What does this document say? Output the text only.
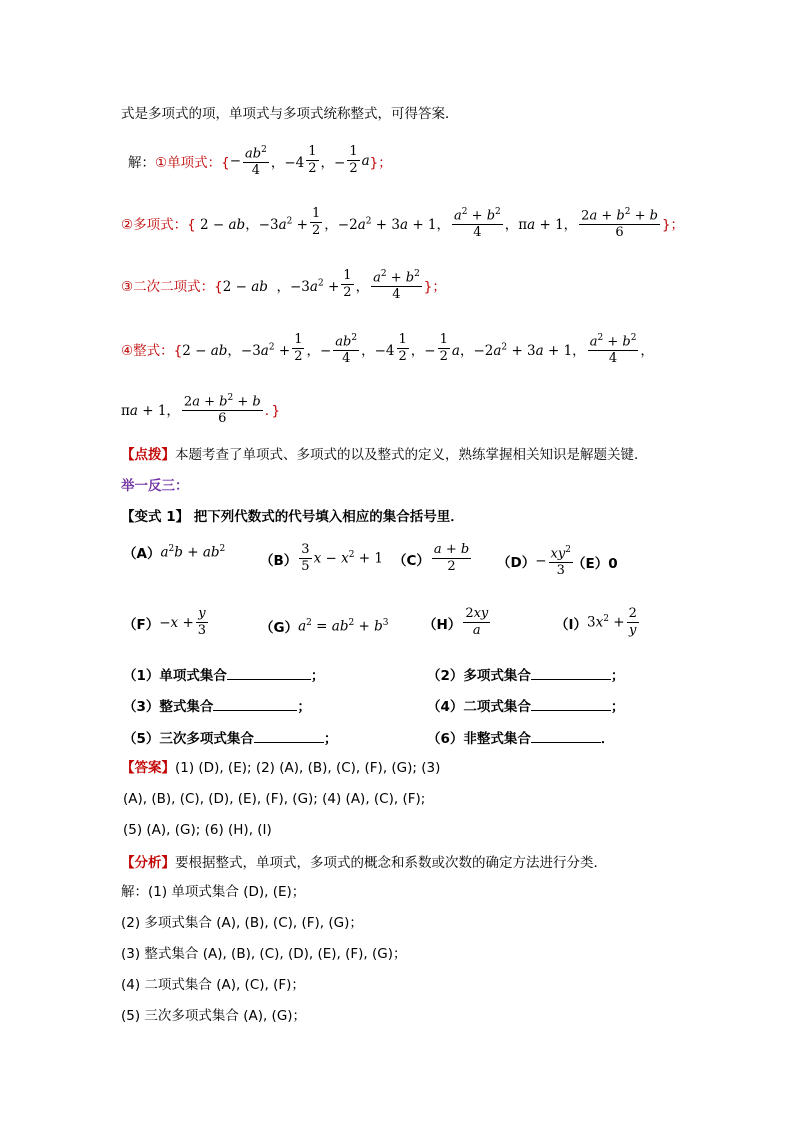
式是多项式的项，单项式与多项式统称整式，可得答案．
解： ①单项式：{ − $\frac{ab^2}{4}$ ，$-4 \frac{1}{2}$ ，− $\frac{1}{2}$ a }；
②多项式：{ 2 − ab，$-3a^2 + \frac{1}{2}$ ，$-2a^2 + 3a + 1$， $\frac{a^2 + b^2}{4}$ ，πa + 1， $\frac{2a + b^2 + b}{6}$ }；
③二次二项式：{ 2 − ab  ，$-3a^2 + \frac{1}{2}$ ， $\frac{a^2 + b^2}{4}$ }；
④整式：{ 2 − ab，$-3a^2 + \frac{1}{2}$ ，− $\frac{ab^2}{4}$ ，$-4 \frac{1}{2}$ ，− $\frac{1}{2}$ a，$-2a^2 + 3a + 1$， $\frac{a^2 + b^2}{4}$ ，
πa + 1， $\frac{2a + b^2 + b}{6}$ ．}
【点拨】本题考查了单项式、多项式的以及整式的定义，熟练掌握相关知识是解题关键．
举一反三：
【变式 1】 把下列代数式的代号填入相应的集合括号里．
（A） $a^2b + ab^2$
$(B) \frac{3}{5}$ $x - x^2 + 1$ $(C) \frac{a + b}{2} (D) - \frac{xy^2}{3} (E)0$
$(F) -x + \frac{y}{3}$	（G） $a^2 = ab^2 + b^3$	$(H) \frac{2xy}{a}$	（I） $3x^2 + \frac{2}{y}$
（1）单项式集合	；	（2）多项式集合	；
（3）整式集合	；	（4）二项式集合	；
（5）三次多项式集合	；	（6）非整式集合	．
【答案】(1) (D), (E); (2) (A), (B), (C), (F), (G); (3)
(A), (B), (C), (D), (E), (F), (G); (4) (A), (C), (F);
(5) (A), (G); (6) (H), (I)
【分析】要根据整式，单项式，多项式的概念和系数或次数的确定方法进行分类．
解：(1) 单项式集合 (D), (E)；
(2) 多项式集合 (A), (B), (C), (F), (G)；
(3) 整式集合 (A), (B), (C), (D), (E), (F), (G)；
(4) 二项式集合 (A), (C), (F)；
(5) 三次多项式集合 (A), (G)；
